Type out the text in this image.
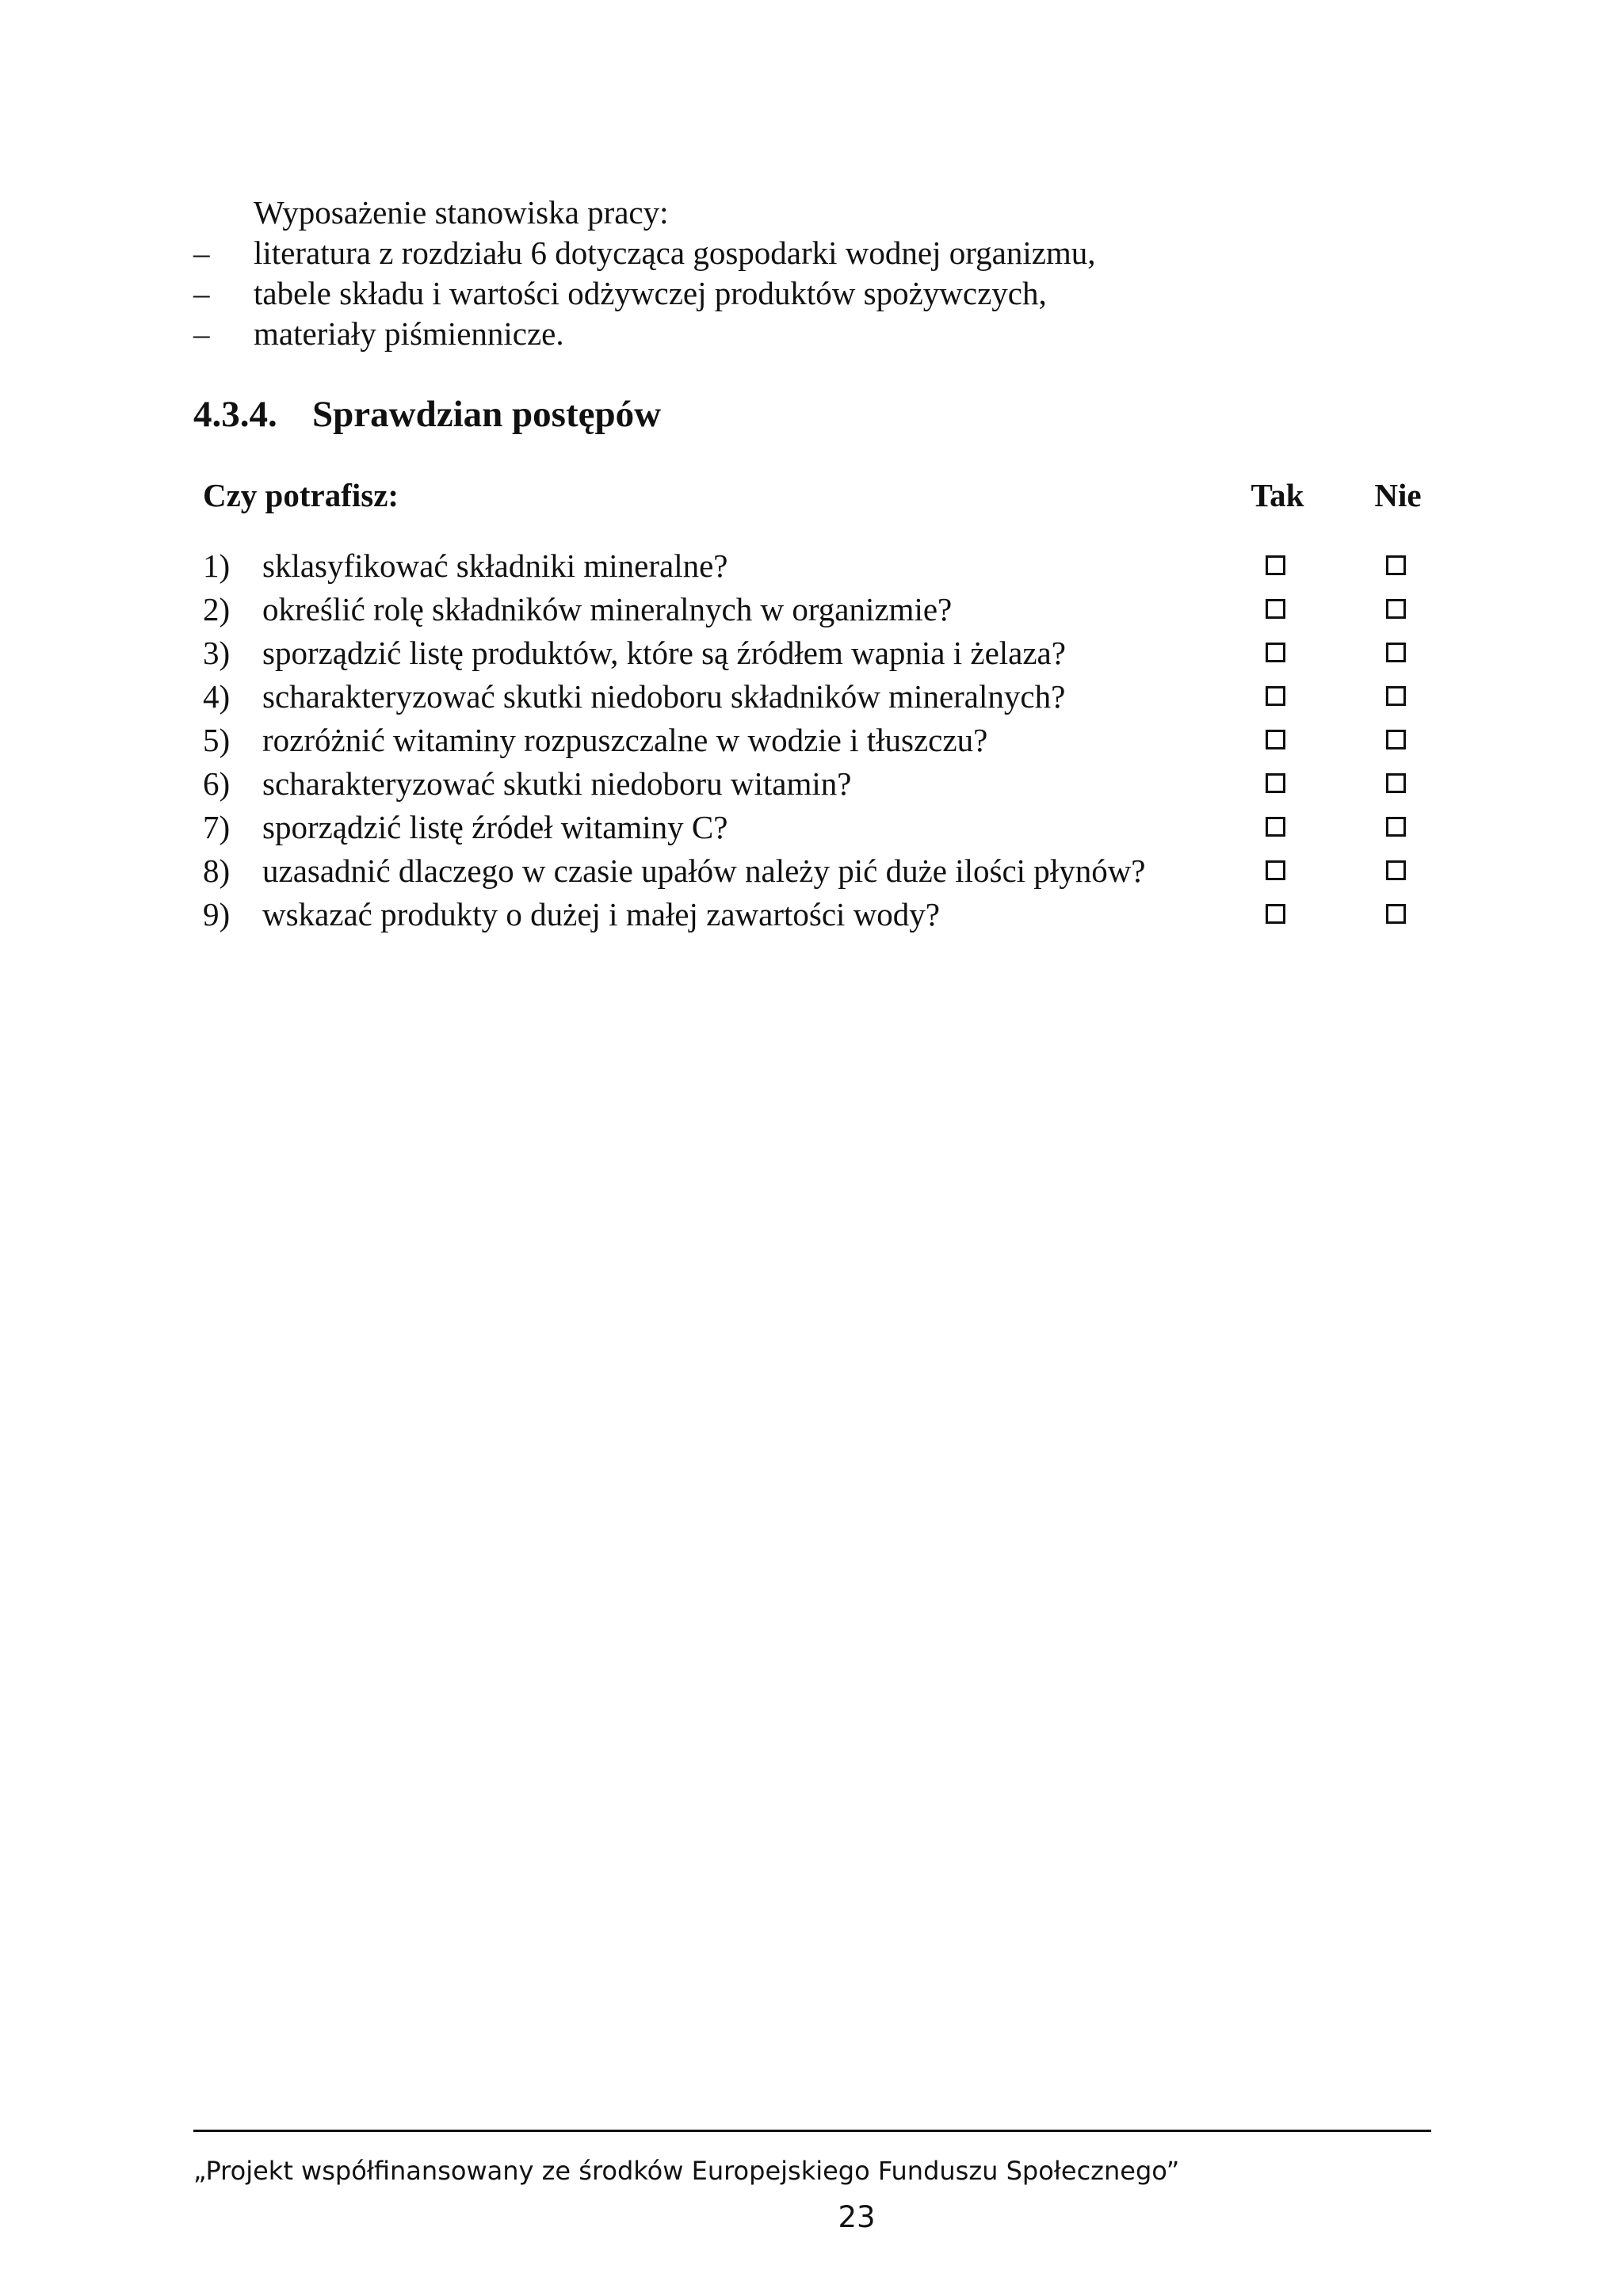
Wyposażenie stanowiska pracy:
– literatura z rozdziału 6 dotycząca gospodarki wodnej organizmu,
– tabele składu i wartości odżywczej produktów spożywczych,
– materiały piśmiennicze.
4.3.4. Sprawdzian postępów
Czy potrafisz:	Tak	Nie
1) sklasyfikować składniki mineralne?
2) określić rolę składników mineralnych w organizmie?
3) sporządzić listę produktów, które są źródłem wapnia i żelaza?
4) scharakteryzować skutki niedoboru składników mineralnych?
5) rozróżnić witaminy rozpuszczalne w wodzie i tłuszczu?
6) scharakteryzować skutki niedoboru witamin?
7) sporządzić listę źródeł witaminy C?
8) uzasadnić dlaczego w czasie upałów należy pić duże ilości płynów?
9) wskazać produkty o dużej i małej zawartości wody?
„Projekt współfinansowany ze środków Europejskiego Funduszu Społecznego”
23
